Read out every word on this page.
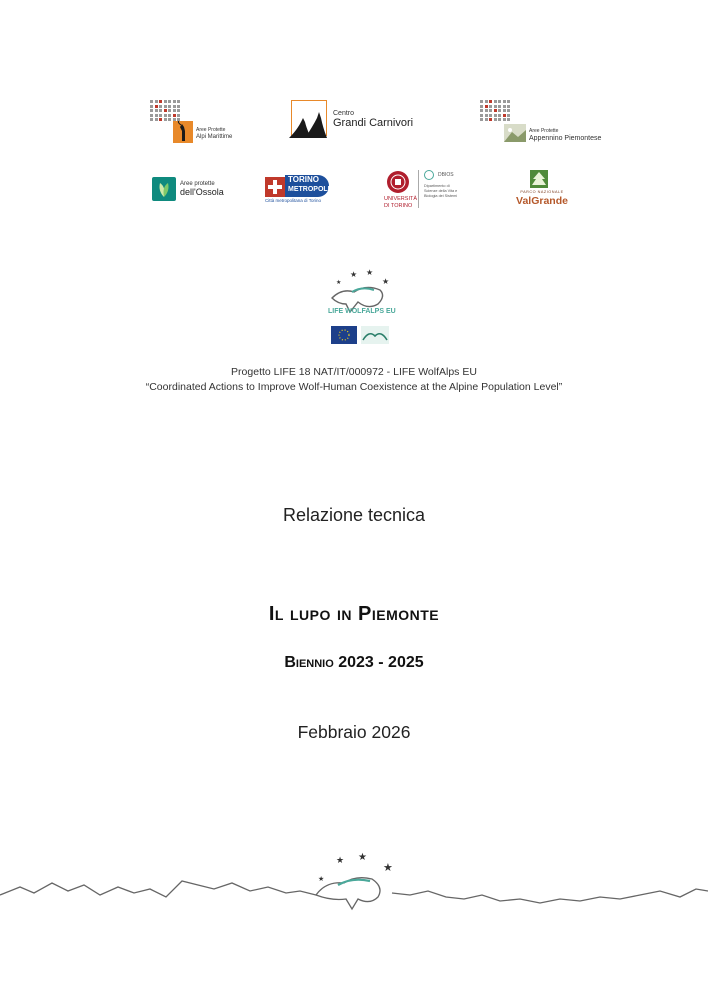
Aree Protette
Alpi Marittime
Centro
Grandi Carnivori
Aree Protette
Appennino Piemontese
Aree protette
dell'Ossola
TORINO
METROPOLI
Città metropolitana di Torino	UNIVERSITÀ
DI TORINO
DBIOS
Dipartimento di Scienze della Vita e Biologia dei Sistemi
PARCO NAZIONALE
ValGrande
★ ★
★
★
LIFE WOLFALPS EU
Progetto LIFE 18 NAT/IT/000972 - LIFE WolfAlps EU
“Coordinated Actions to Improve Wolf-Human Coexistence at the Alpine Population Level”
Relazione tecnica
Il lupo in Piemonte
Biennio 2023 - 2025
Febbraio 2026
★ ★
★
★
